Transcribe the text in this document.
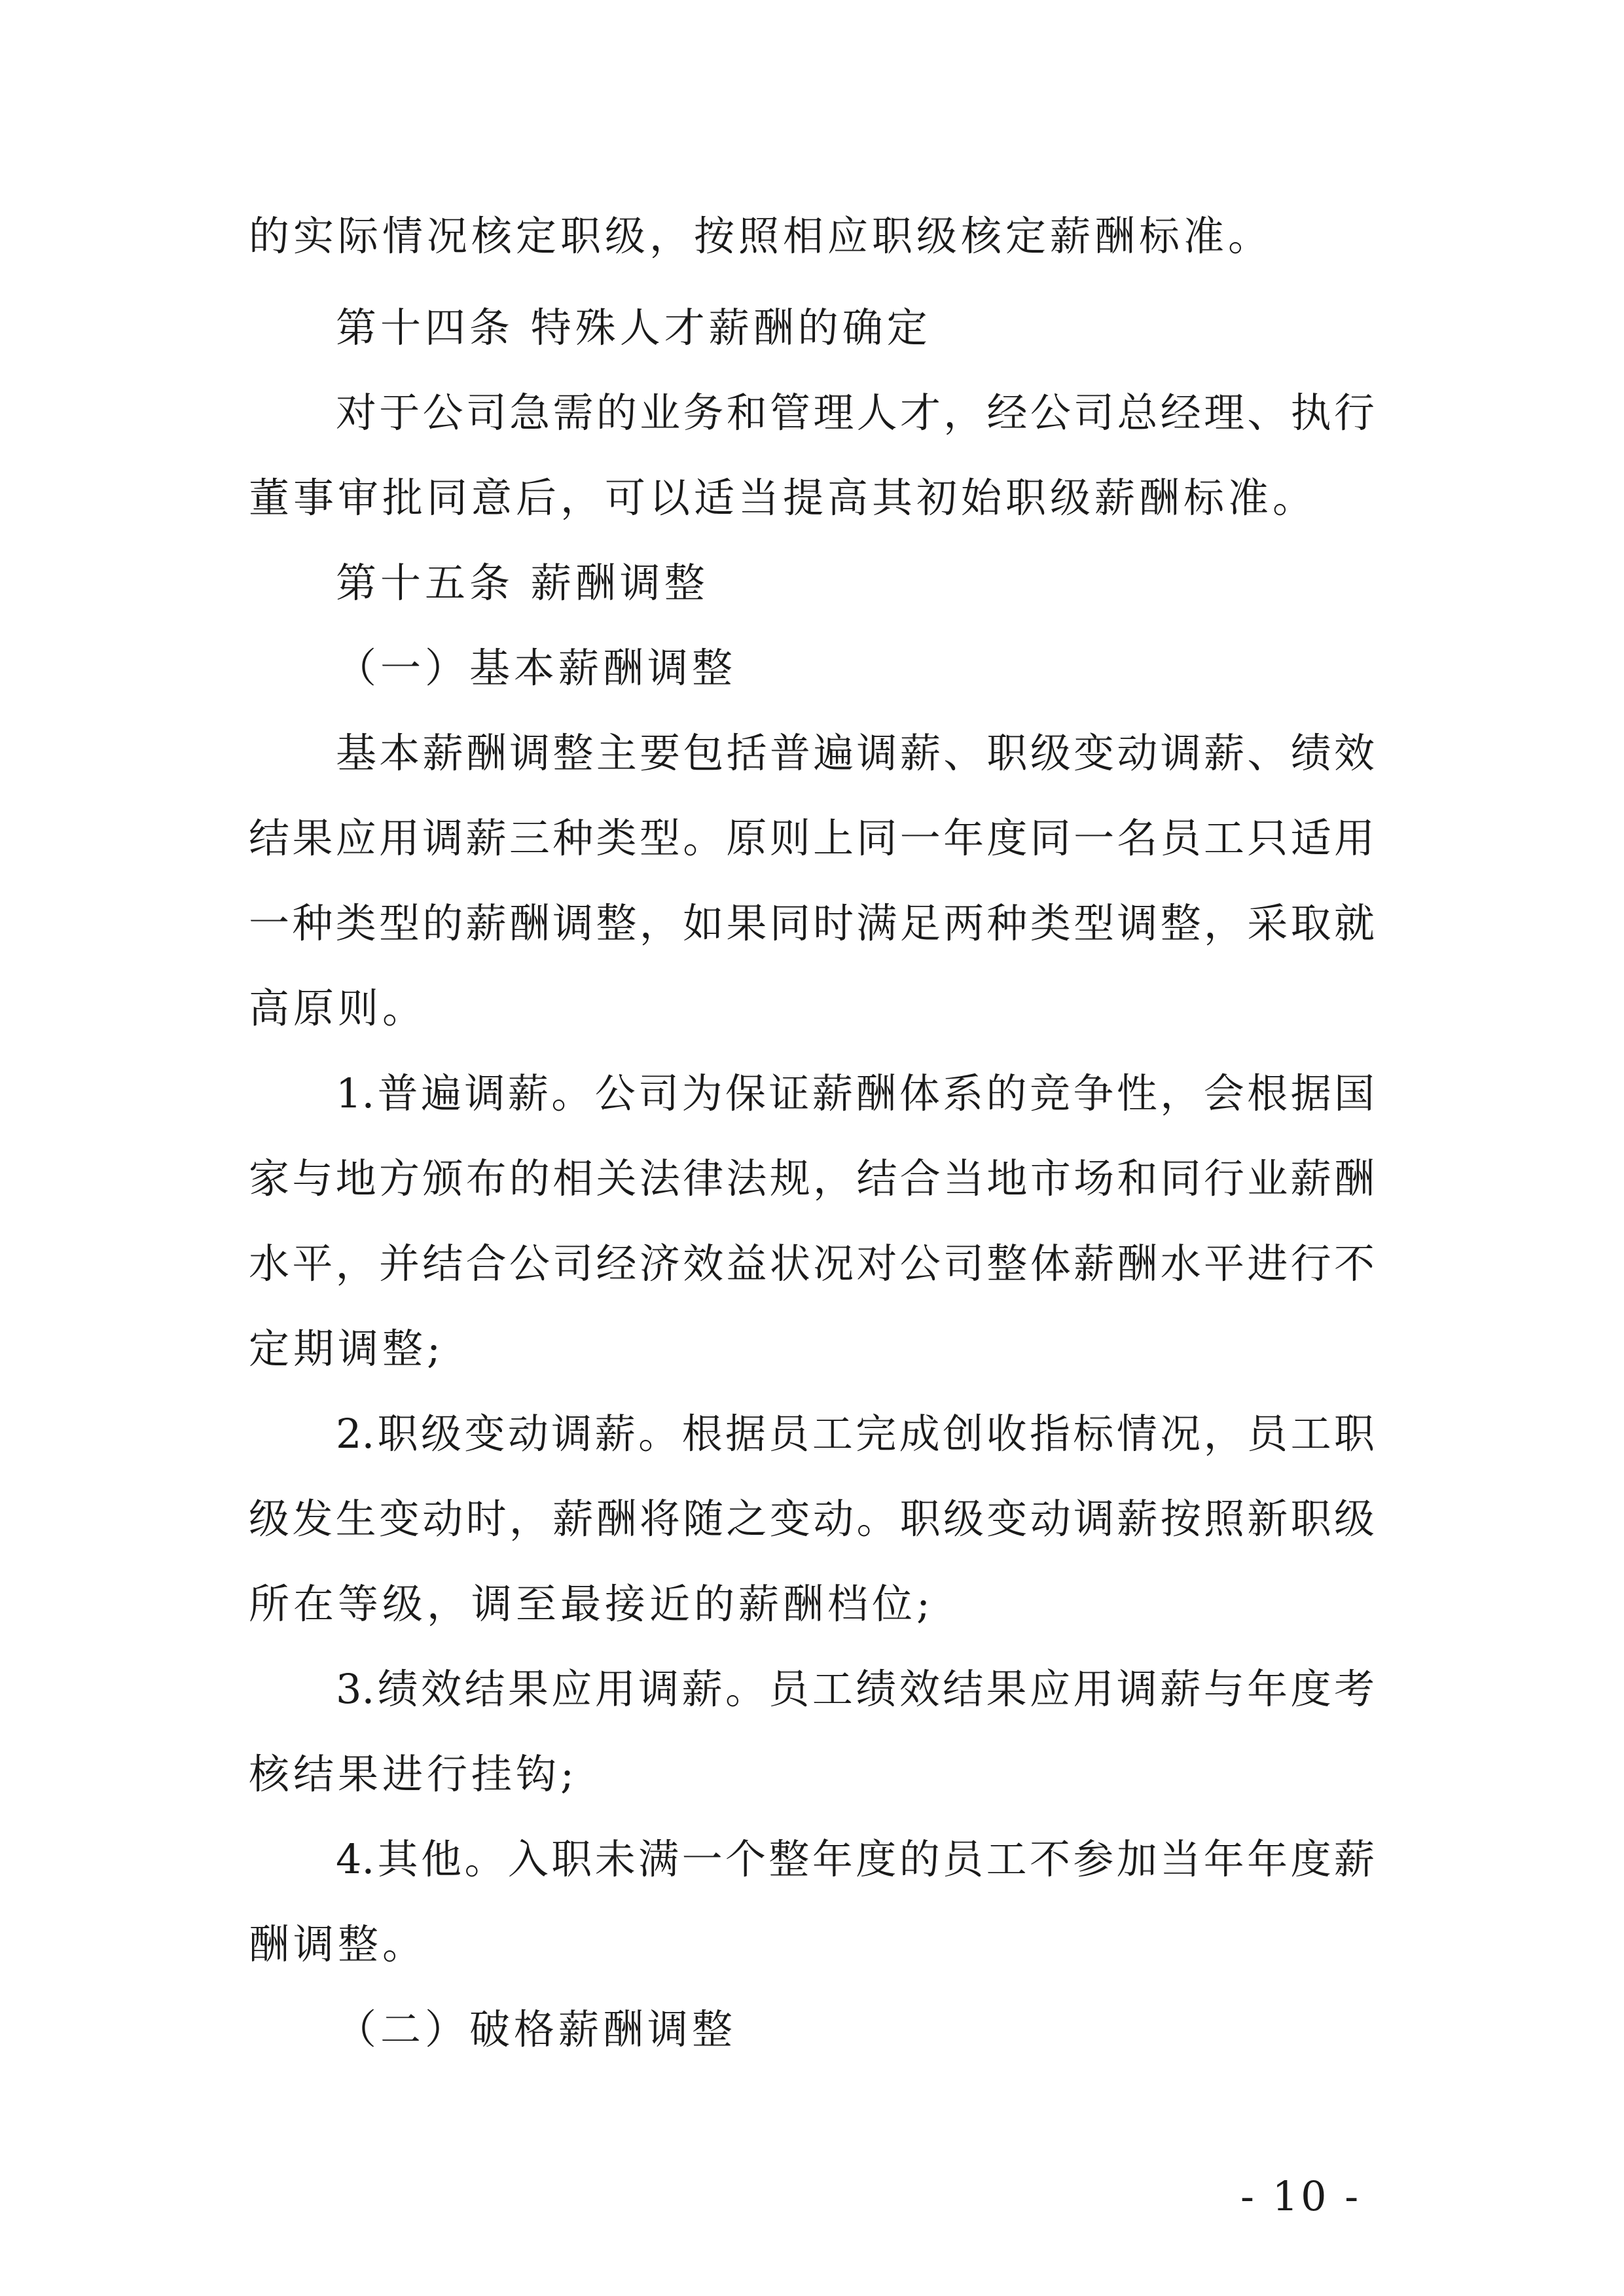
的实际情况核定职级，按照相应职级核定薪酬标准。
第十四条 特殊人才薪酬的确定
对于公司急需的业务和管理人才，经公司总经理、执行
董事审批同意后，可以适当提高其初始职级薪酬标准。
第十五条 薪酬调整
（一）基本薪酬调整
基本薪酬调整主要包括普遍调薪、职级变动调薪、绩效
结果应用调薪三种类型。原则上同一年度同一名员工只适用
一种类型的薪酬调整，如果同时满足两种类型调整，采取就
高原则。
1.普遍调薪。公司为保证薪酬体系的竞争性，会根据国
家与地方颁布的相关法律法规，结合当地市场和同行业薪酬
水平，并结合公司经济效益状况对公司整体薪酬水平进行不
定期调整;
2.职级变动调薪。根据员工完成创收指标情况，员工职
级发生变动时，薪酬将随之变动。职级变动调薪按照新职级
所在等级，调至最接近的薪酬档位;
3.绩效结果应用调薪。员工绩效结果应用调薪与年度考
核结果进行挂钩;
4.其他。入职未满一个整年度的员工不参加当年年度薪
酬调整。
（二）破格薪酬调整
- 10 -
